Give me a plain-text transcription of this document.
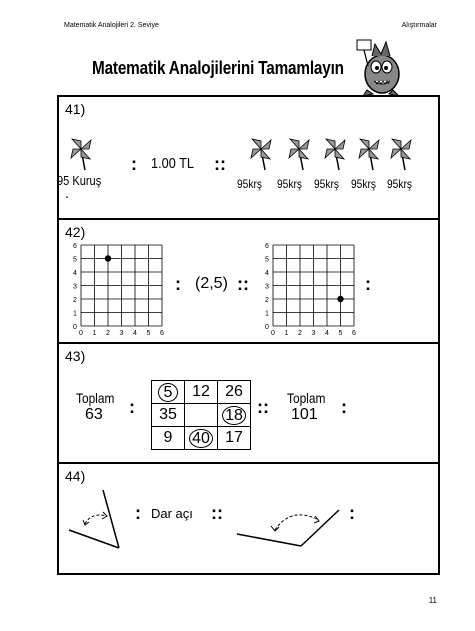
Matematik Analojileri 2. Seviye	Alıştırmalar
Matematik Analojilerini Tamamlayın
41)
95 Kuruş
.
: 1.00 TL ::
95krş 95krş 95krş 95krş 95krş
42)
0
0
1
1
2
2
3
3
4
4
5
5
6
6
: (2,5) ::
0
0
1
1
2
2
3
3
4
4
5
5
6
6
:
43)
Toplam
63 :
5	12	26
35		18
9	40	17
:: Toplam
101 :
44)
: Dar açı ::	:
11
